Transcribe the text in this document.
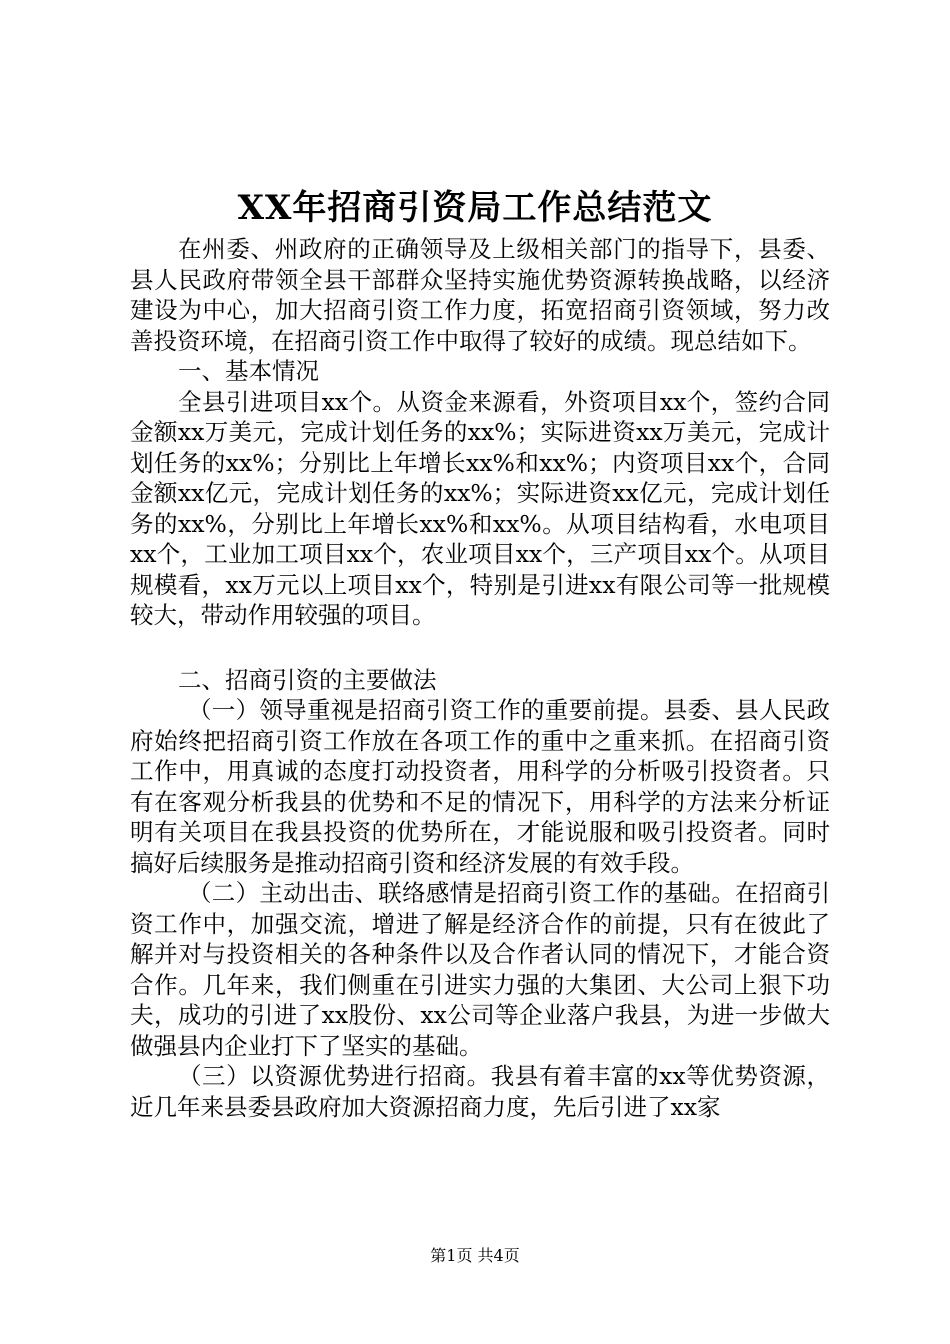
XX年招商引资局工作总结范文

在州委、州政府的正确领导及上级相关部门的指导下，县委、县人民政府带领全县干部群众坚持实施优势资源转换战略，以经济建设为中心，加大招商引资工作力度，拓宽招商引资领域，努力改善投资环境，在招商引资工作中取得了较好的成绩。现总结如下。

一、基本情况

全县引进项目xx个。从资金来源看，外资项目xx个，签约合同金额xx万美元，完成计划任务的xx%；实际进资xx万美元，完成计划任务的xx%；分别比上年增长xx%和xx%；内资项目xx个，合同金额xx亿元，完成计划任务的xx%；实际进资xx亿元，完成计划任务的xx%，分别比上年增长xx%和xx%。从项目结构看，水电项目xx个，工业加工项目xx个，农业项目xx个，三产项目xx个。从项目规模看，xx万元以上项目xx个，特别是引进xx有限公司等一批规模较大，带动作用较强的项目。

二、招商引资的主要做法

（一）领导重视是招商引资工作的重要前提。县委、县人民政府始终把招商引资工作放在各项工作的重中之重来抓。在招商引资工作中，用真诚的态度打动投资者，用科学的分析吸引投资者。只有在客观分析我县的优势和不足的情况下，用科学的方法来分析证明有关项目在我县投资的优势所在，才能说服和吸引投资者。同时搞好后续服务是推动招商引资和经济发展的有效手段。

（二）主动出击、联络感情是招商引资工作的基础。在招商引资工作中，加强交流，增进了解是经济合作的前提，只有在彼此了解并对与投资相关的各种条件以及合作者认同的情况下，才能合资合作。几年来，我们侧重在引进实力强的大集团、大公司上狠下功夫，成功的引进了xx股份、xx公司等企业落户我县，为进一步做大做强县内企业打下了坚实的基础。

（三）以资源优势进行招商。我县有着丰富的xx等优势资源，近几年来县委县政府加大资源招商力度，先后引进了xx家

第1页 共4页
